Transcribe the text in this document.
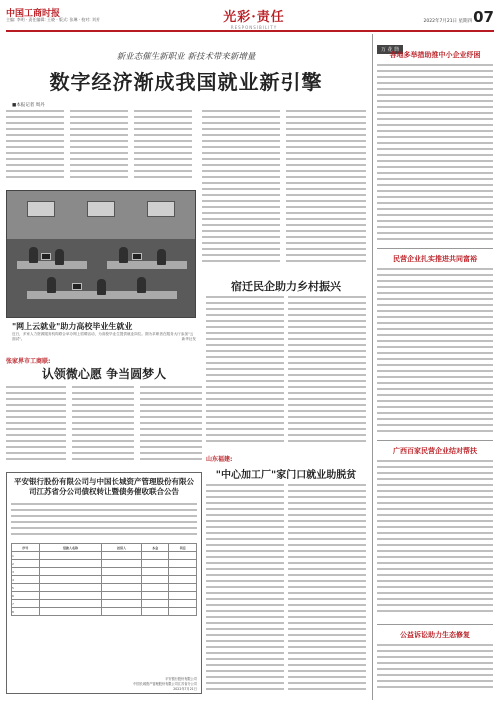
中国工商时报
主编: 李明 · 责任编辑: 王晓 · 版式: 张琳 · 校对: 刘芳	光彩·责任
RESPONSIBILITY
2022年7月21日 星期四 07
新业态催生新职业 新技术带来新增量
数字经济渐成我国就业新引擎
■本报记者 周丹
"网上云就业"助力高校毕业生就业
近日，多家人力资源服务机构联合举办网上招聘活动，为高校毕业生提供就业岗位。图为求职者在服务大厅参加"云面试"。	新华社发
张家界市工商联:
认领微心愿 争当圆梦人
宿迁民企助力乡村振兴
山东福建:
"中心加工厂"家门口就业助脱贫
平安银行股份有限公司与中国长城资产管理股份有限公司江苏省分公司债权转让暨债务催收联合公告
序号	借款人名称	担保人	本金	利息
1				
2				
3				
4				
5				
6				
7				
8				
平安银行股份有限公司
中国长城资产管理股份有限公司江苏省分公司
2022年7月21日
万 花 筒
各地多举措助推中小企业纾困
民营企业扎实推进共同富裕
广西百家民营企业结对帮扶
公益诉讼助力生态修复
